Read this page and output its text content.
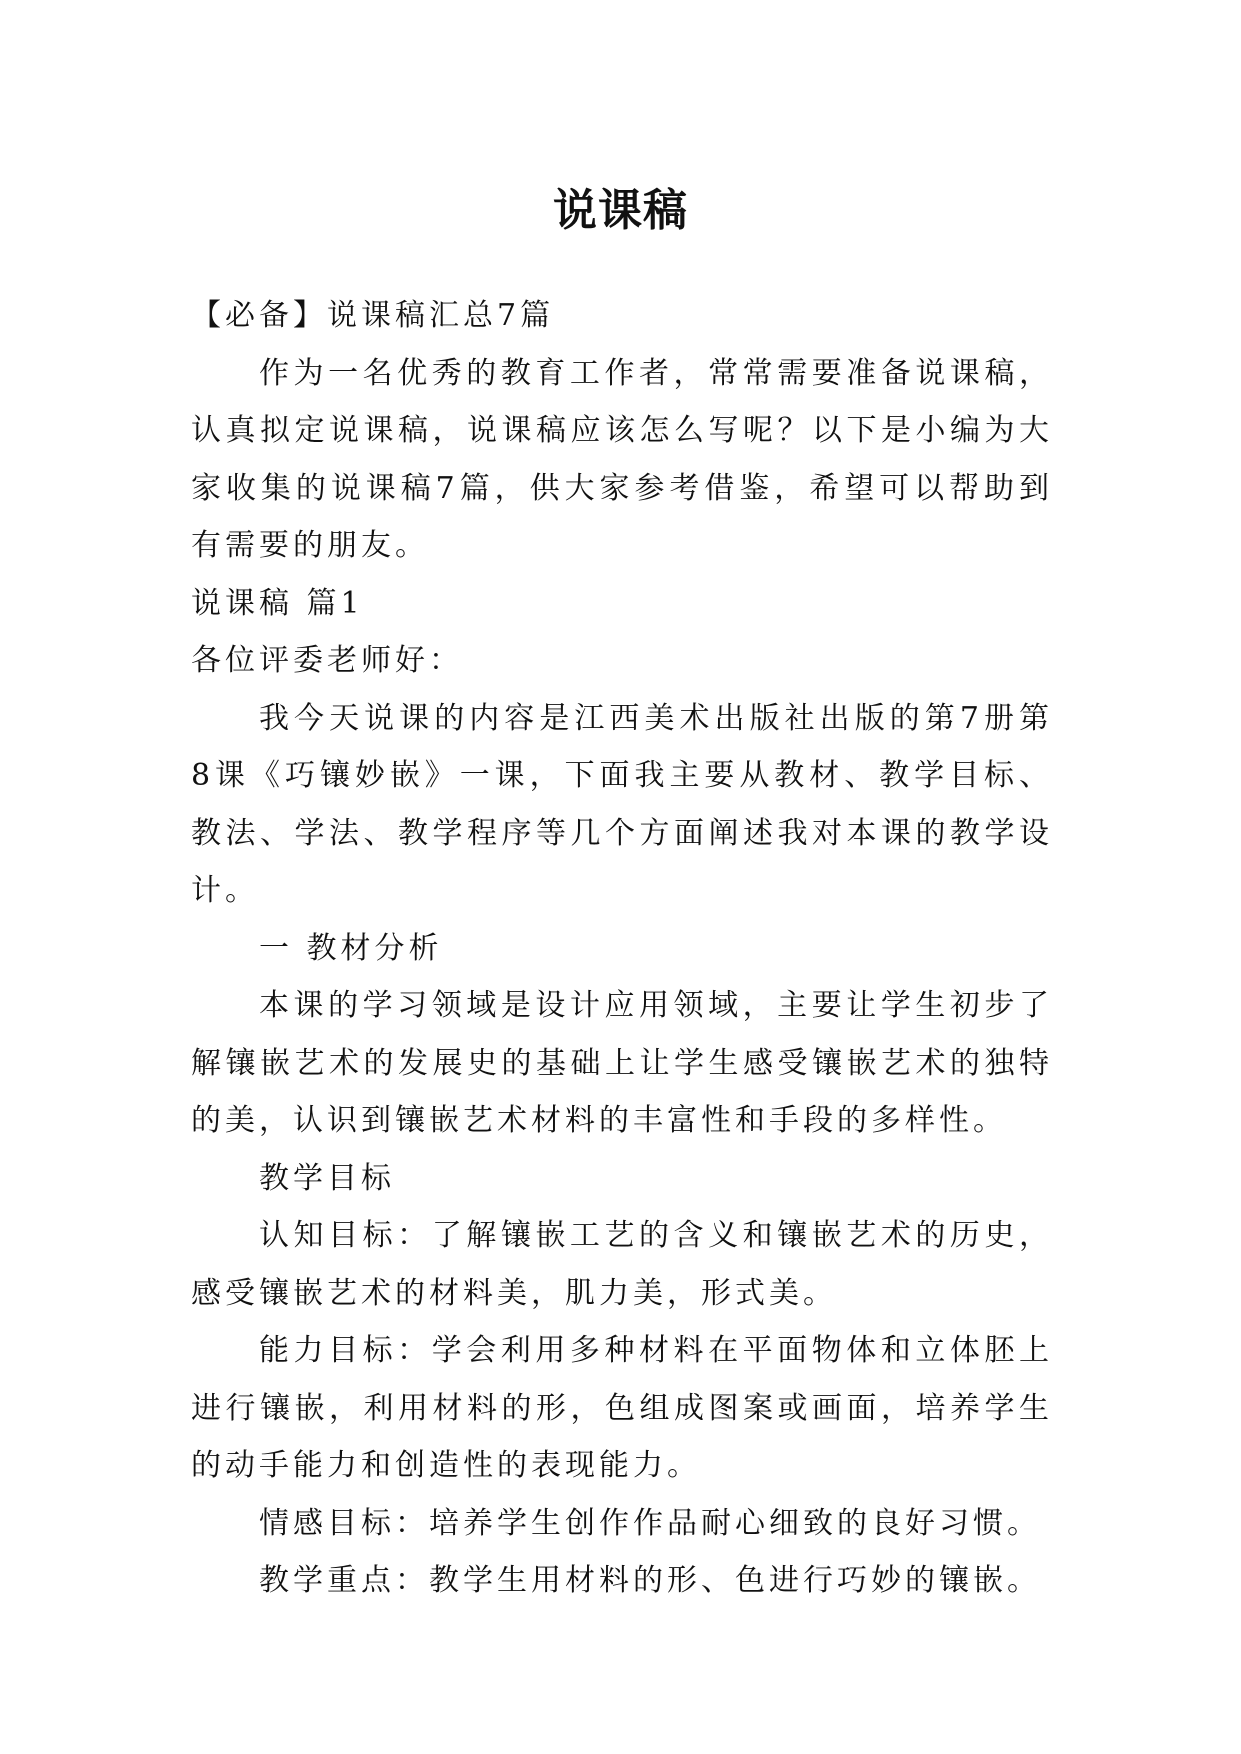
说课稿

【必备】说课稿汇总7篇

作为一名优秀的教育工作者，常常需要准备说课稿，认真拟定说课稿，说课稿应该怎么写呢？以下是小编为大家收集的说课稿7篇，供大家参考借鉴，希望可以帮助到有需要的朋友。

说课稿 篇1

各位评委老师好：

我今天说课的内容是江西美术出版社出版的第7册第8课《巧镶妙嵌》一课，下面我主要从教材、教学目标、教法、学法、教学程序等几个方面阐述我对本课的教学设计。

一 教材分析

本课的学习领域是设计应用领域，主要让学生初步了解镶嵌艺术的发展史的基础上让学生感受镶嵌艺术的独特的美，认识到镶嵌艺术材料的丰富性和手段的多样性。

教学目标

认知目标：了解镶嵌工艺的含义和镶嵌艺术的历史，感受镶嵌艺术的材料美，肌力美，形式美。

能力目标：学会利用多种材料在平面物体和立体胚上进行镶嵌，利用材料的形，色组成图案或画面，培养学生的动手能力和创造性的表现能力。

情感目标：培养学生创作作品耐心细致的良好习惯。

教学重点：教学生用材料的形、色进行巧妙的镶嵌。
